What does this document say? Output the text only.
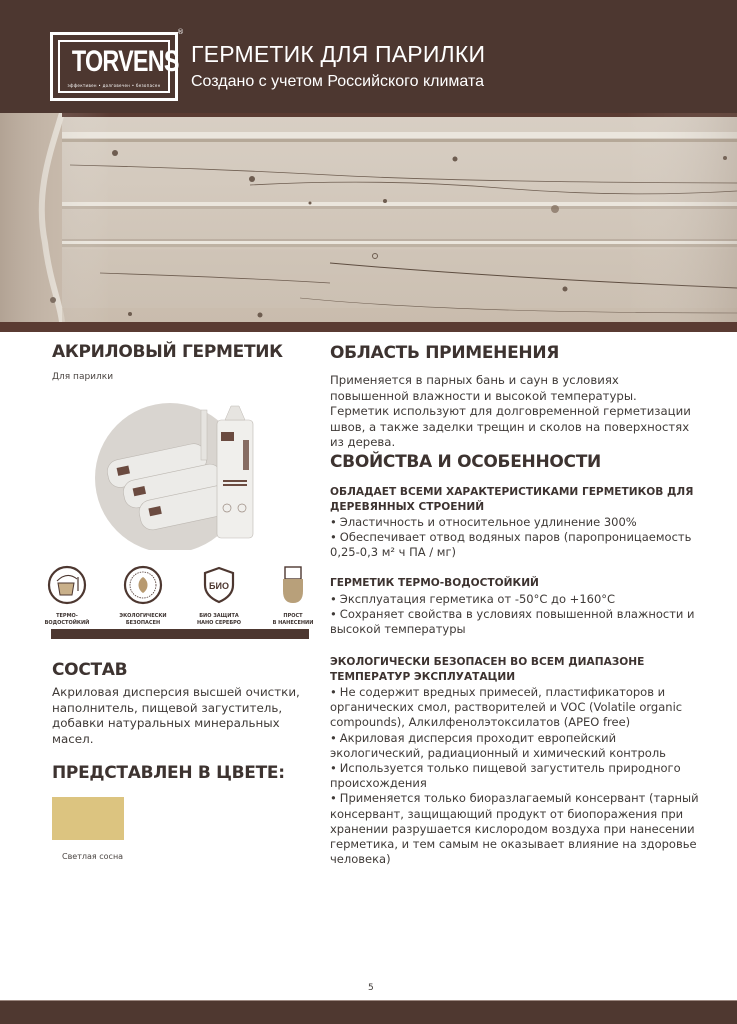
TORVENS
эффективен • долговечен • безопасен
®
ГЕРМЕТИК ДЛЯ ПАРИЛКИ
Создано с учетом Российского климата
АКРИЛОВЫЙ ГЕРМЕТИК
Для парилки
ТЕРМО-
ВОДОСТОЙКИЙ
ЭКОЛОГИЧЕСКИ
БЕЗОПАСЕН
БИО
БИО ЗАЩИТА
НАНО СЕРЕБРО
ПРОСТ
В НАНЕСЕНИИ
СОСТАВ
Акриловая дисперсия высшей очистки, наполнитель, пищевой загуститель, добавки натуральных минеральных масел.
ПРЕДСТАВЛЕН В ЦВЕТЕ:
Светлая сосна
ОБЛАСТЬ ПРИМЕНЕНИЯ
Применяется в парных бань и саун в условиях повышенной влажности и высокой температуры. Герметик используют для долговременной герметизации швов, а также заделки трещин и сколов на поверхностях из дерева.
СВОЙСТВА И ОСОБЕННОСТИ
ОБЛАДАЕТ ВСЕМИ ХАРАКТЕРИСТИКАМИ ГЕРМЕТИКОВ ДЛЯ ДЕРЕВЯННЫХ СТРОЕНИЙ
• Эластичность и относительное удлинение 300%
• Обеспечивает отвод водяных паров (паропроницаемость 0,25-0,3 м² ч ПА / мг)
ГЕРМЕТИК ТЕРМО-ВОДОСТОЙКИЙ
• Эксплуатация герметика от -50°С до +160°С
• Сохраняет свойства в условиях повышенной влажности и высокой температуры
ЭКОЛОГИЧЕСКИ БЕЗОПАСЕН ВО ВСЕМ ДИАПАЗОНЕ ТЕМПЕРАТУР ЭКСПЛУАТАЦИИ
• Не содержит вредных примесей, пластификаторов и органических смол, растворителей и VOC (Volatile organic compounds), Алкилфенолэтоксилатов (APEO free)
• Акриловая дисперсия проходит европейский экологический, радиационный и химический контроль
• Используется только пищевой загуститель природного происхождения
• Применяется только биоразлагаемый консервант (тарный консервант, защищающий продукт от биопоражения при хранении разрушается кислородом воздуха при нанесении герметика, и тем самым не оказывает влияние на здоровье человека)
5
